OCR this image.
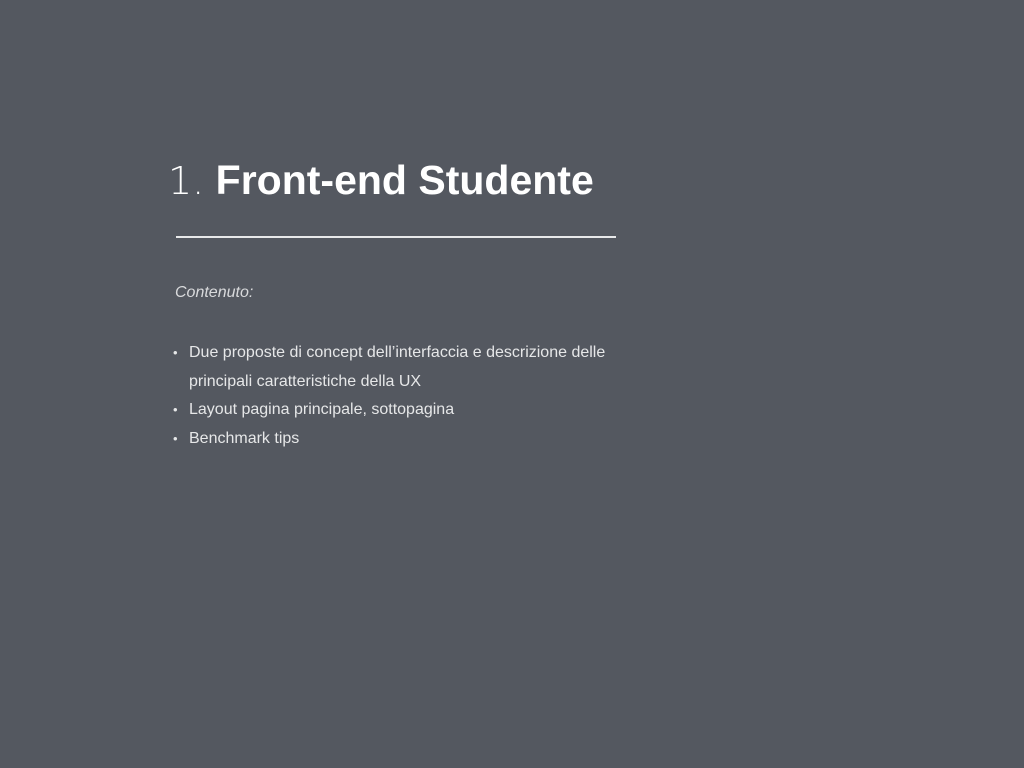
1. Front-end Studente

Contenuto:

• Due proposte di concept dell’interfaccia e descrizione delle principali caratteristiche della UX
• Layout pagina principale, sottopagina
• Benchmark tips
